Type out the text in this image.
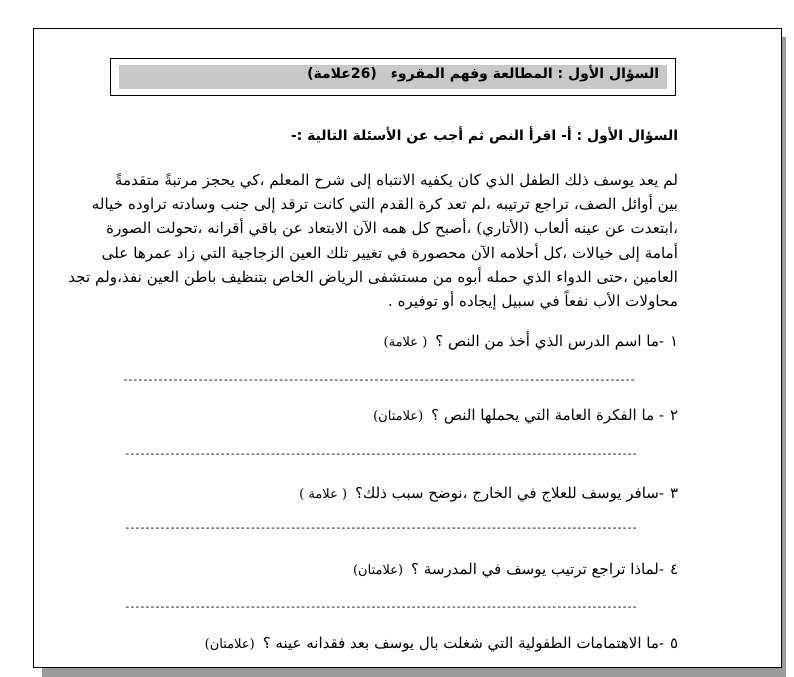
السؤال الأول : المطالعة وفهم المقروء(26علامة)
السؤال الأول : أ- اقرأ النص ثم أجب عن الأسئلة التالية :-
لم يعد يوسف ذلك الطفل الذي كان يكفيه الانتباه إلى شرح المعلم ،كي يحجز مرتبةً متقدمةً
بين أوائل الصف، تراجع ترتيبه ،لم تعد كرة القدم التي كانت ترقد إلى جنب وسادته تراوده خياله
،ابتعدت عن عينه ألعاب (الأتاري) ،أصبح كل همه الآن الابتعاد عن باقي أقرانه ،تحولت الصورة
أمامة إلى خيالات ،كل أحلامه الآن محصورة في تغيير تلك العين الزجاجية التي زاد عمرها على
العامين ،حتى الدواء الذي حمله أبوه من مستشفى الرياض الخاص بتنظيف باطن العين نفذ،ولم تجد
محاولات الأب نفعاً في سبيل إيجاده أو توفيره .
١-ما اسم الدرس الذي أخذ من النص ؟( علامة)
------------------------------------------------------------------------------------------------------
٢- ما الفكرة العامة التي يحملها النص ؟(علامتان)
------------------------------------------------------------------------------------------------------
٣-سافر يوسف للعلاج في الخارج ،نوضح سبب ذلك؟( علامة )
------------------------------------------------------------------------------------------------------
٤-لماذا تراجع ترتيب يوسف في المدرسة ؟(علامتان)
------------------------------------------------------------------------------------------------------
٥-ما الاهتمامات الطفولية التي شغلت بال يوسف بعد فقدانه عينه ؟(علامتان)
